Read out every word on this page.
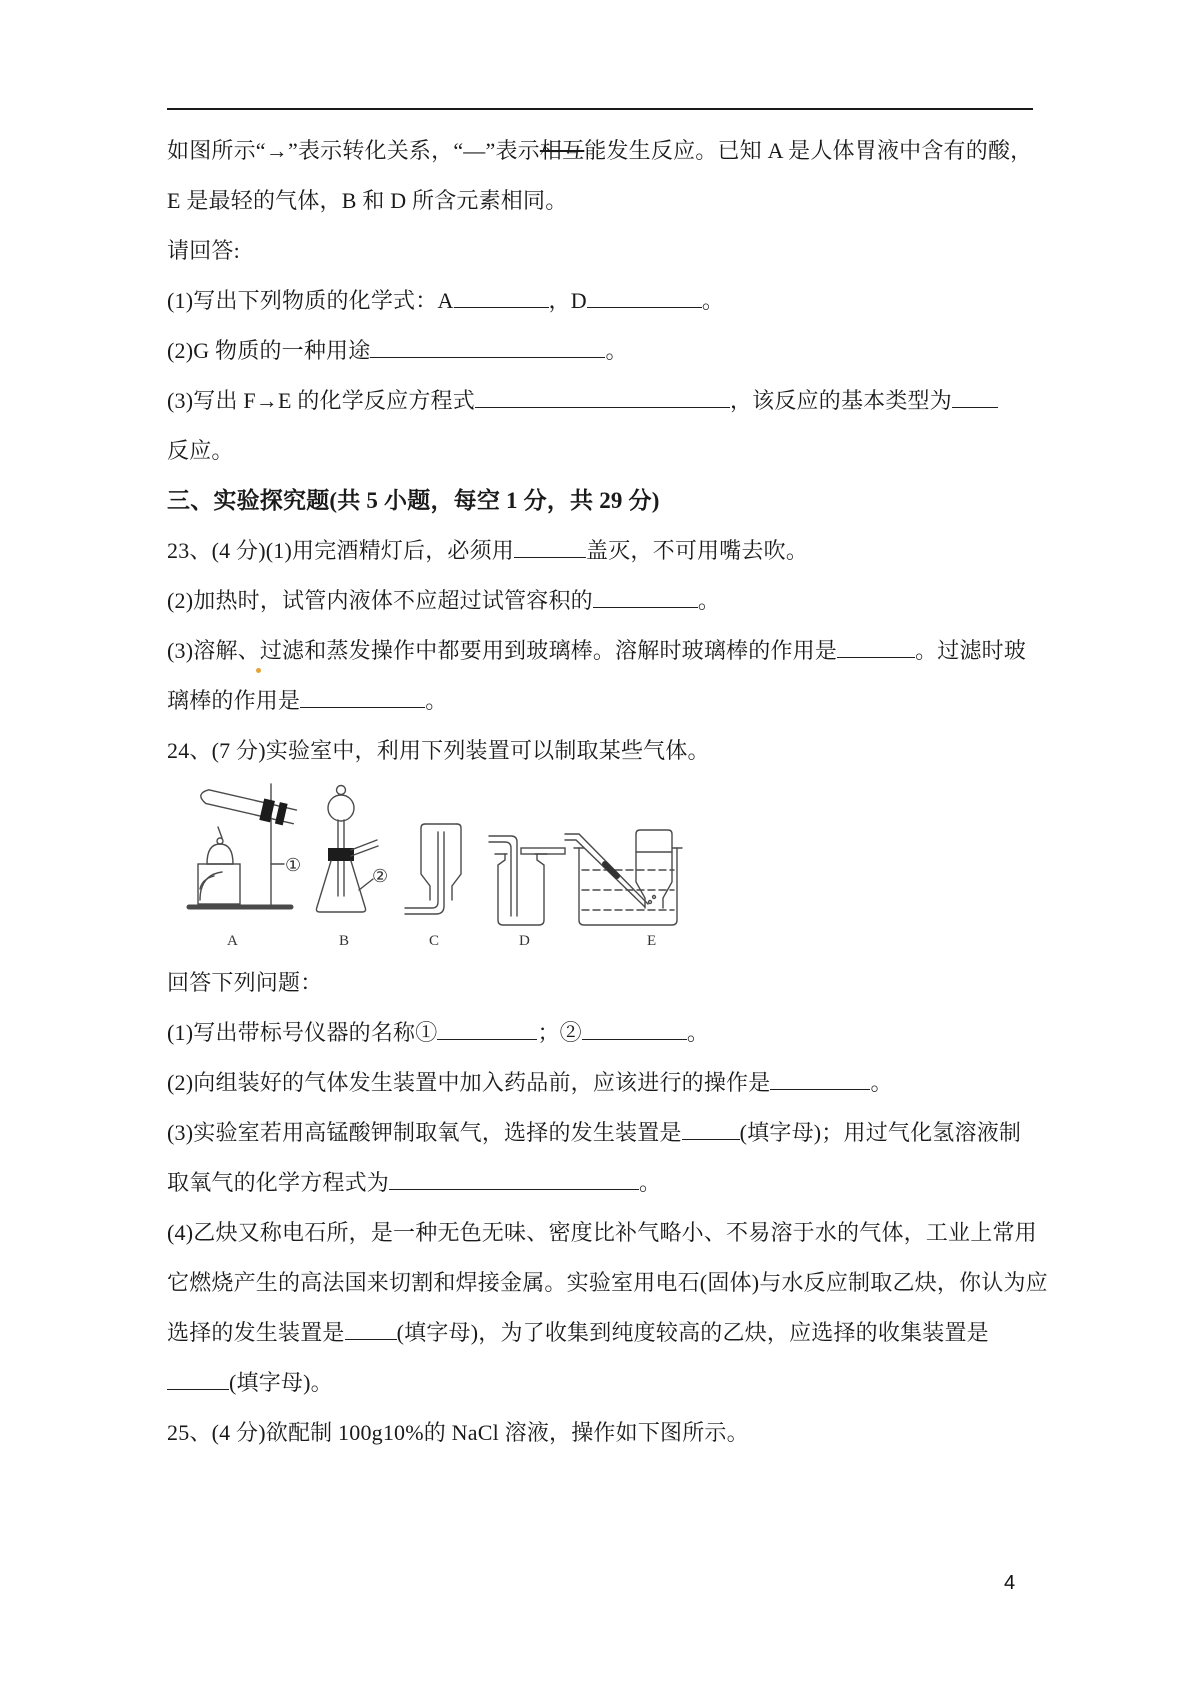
如图所示“→”表示转化关系，“—”表示相互能发生反应。已知 A 是人体胃液中含有的酸，
E 是最轻的气体，B 和 D 所含元素相同。
请回答:
(1)写出下列物质的化学式：A	，D	。
(2)G 物质的一种用途	。
(3)写出 F→E 的化学反应方程式	，该反应的基本类型为
反应。
三、实验探究题(共 5 小题，每空 1 分，共 29 分)
23、(4 分)(1)用完酒精灯后，必须用	盖灭，不可用嘴去吹。
(2)加热时，试管内液体不应超过试管容积的	。
(3)溶解、过滤和蒸发操作中都要用到玻璃棒。溶解时玻璃棒的作用是	。过滤时玻
璃棒的作用是	。
24、(7 分)实验室中，利用下列装置可以制取某些气体。
①
②
A	B	C	D	E
回答下列问题：
(1)写出带标号仪器的名称①	；②	。
(2)向组装好的气体发生装置中加入药品前，应该进行的操作是	。
(3)实验室若用高锰酸钾制取氧气，选择的发生装置是	(填字母)；用过气化氢溶液制
取氧气的化学方程式为	。
(4)乙炔又称电石所，是一种无色无味、密度比补气略小、不易溶于水的气体，工业上常用
它燃烧产生的高法国来切割和焊接金属。实验室用电石(固体)与水反应制取乙炔，你认为应
选择的发生装置是 (填字母)，为了收集到纯度较高的乙炔，应选择的收集装置是
(填字母)。
25、(4 分)欲配制 100g10%的 NaCl 溶液，操作如下图所示。
4
